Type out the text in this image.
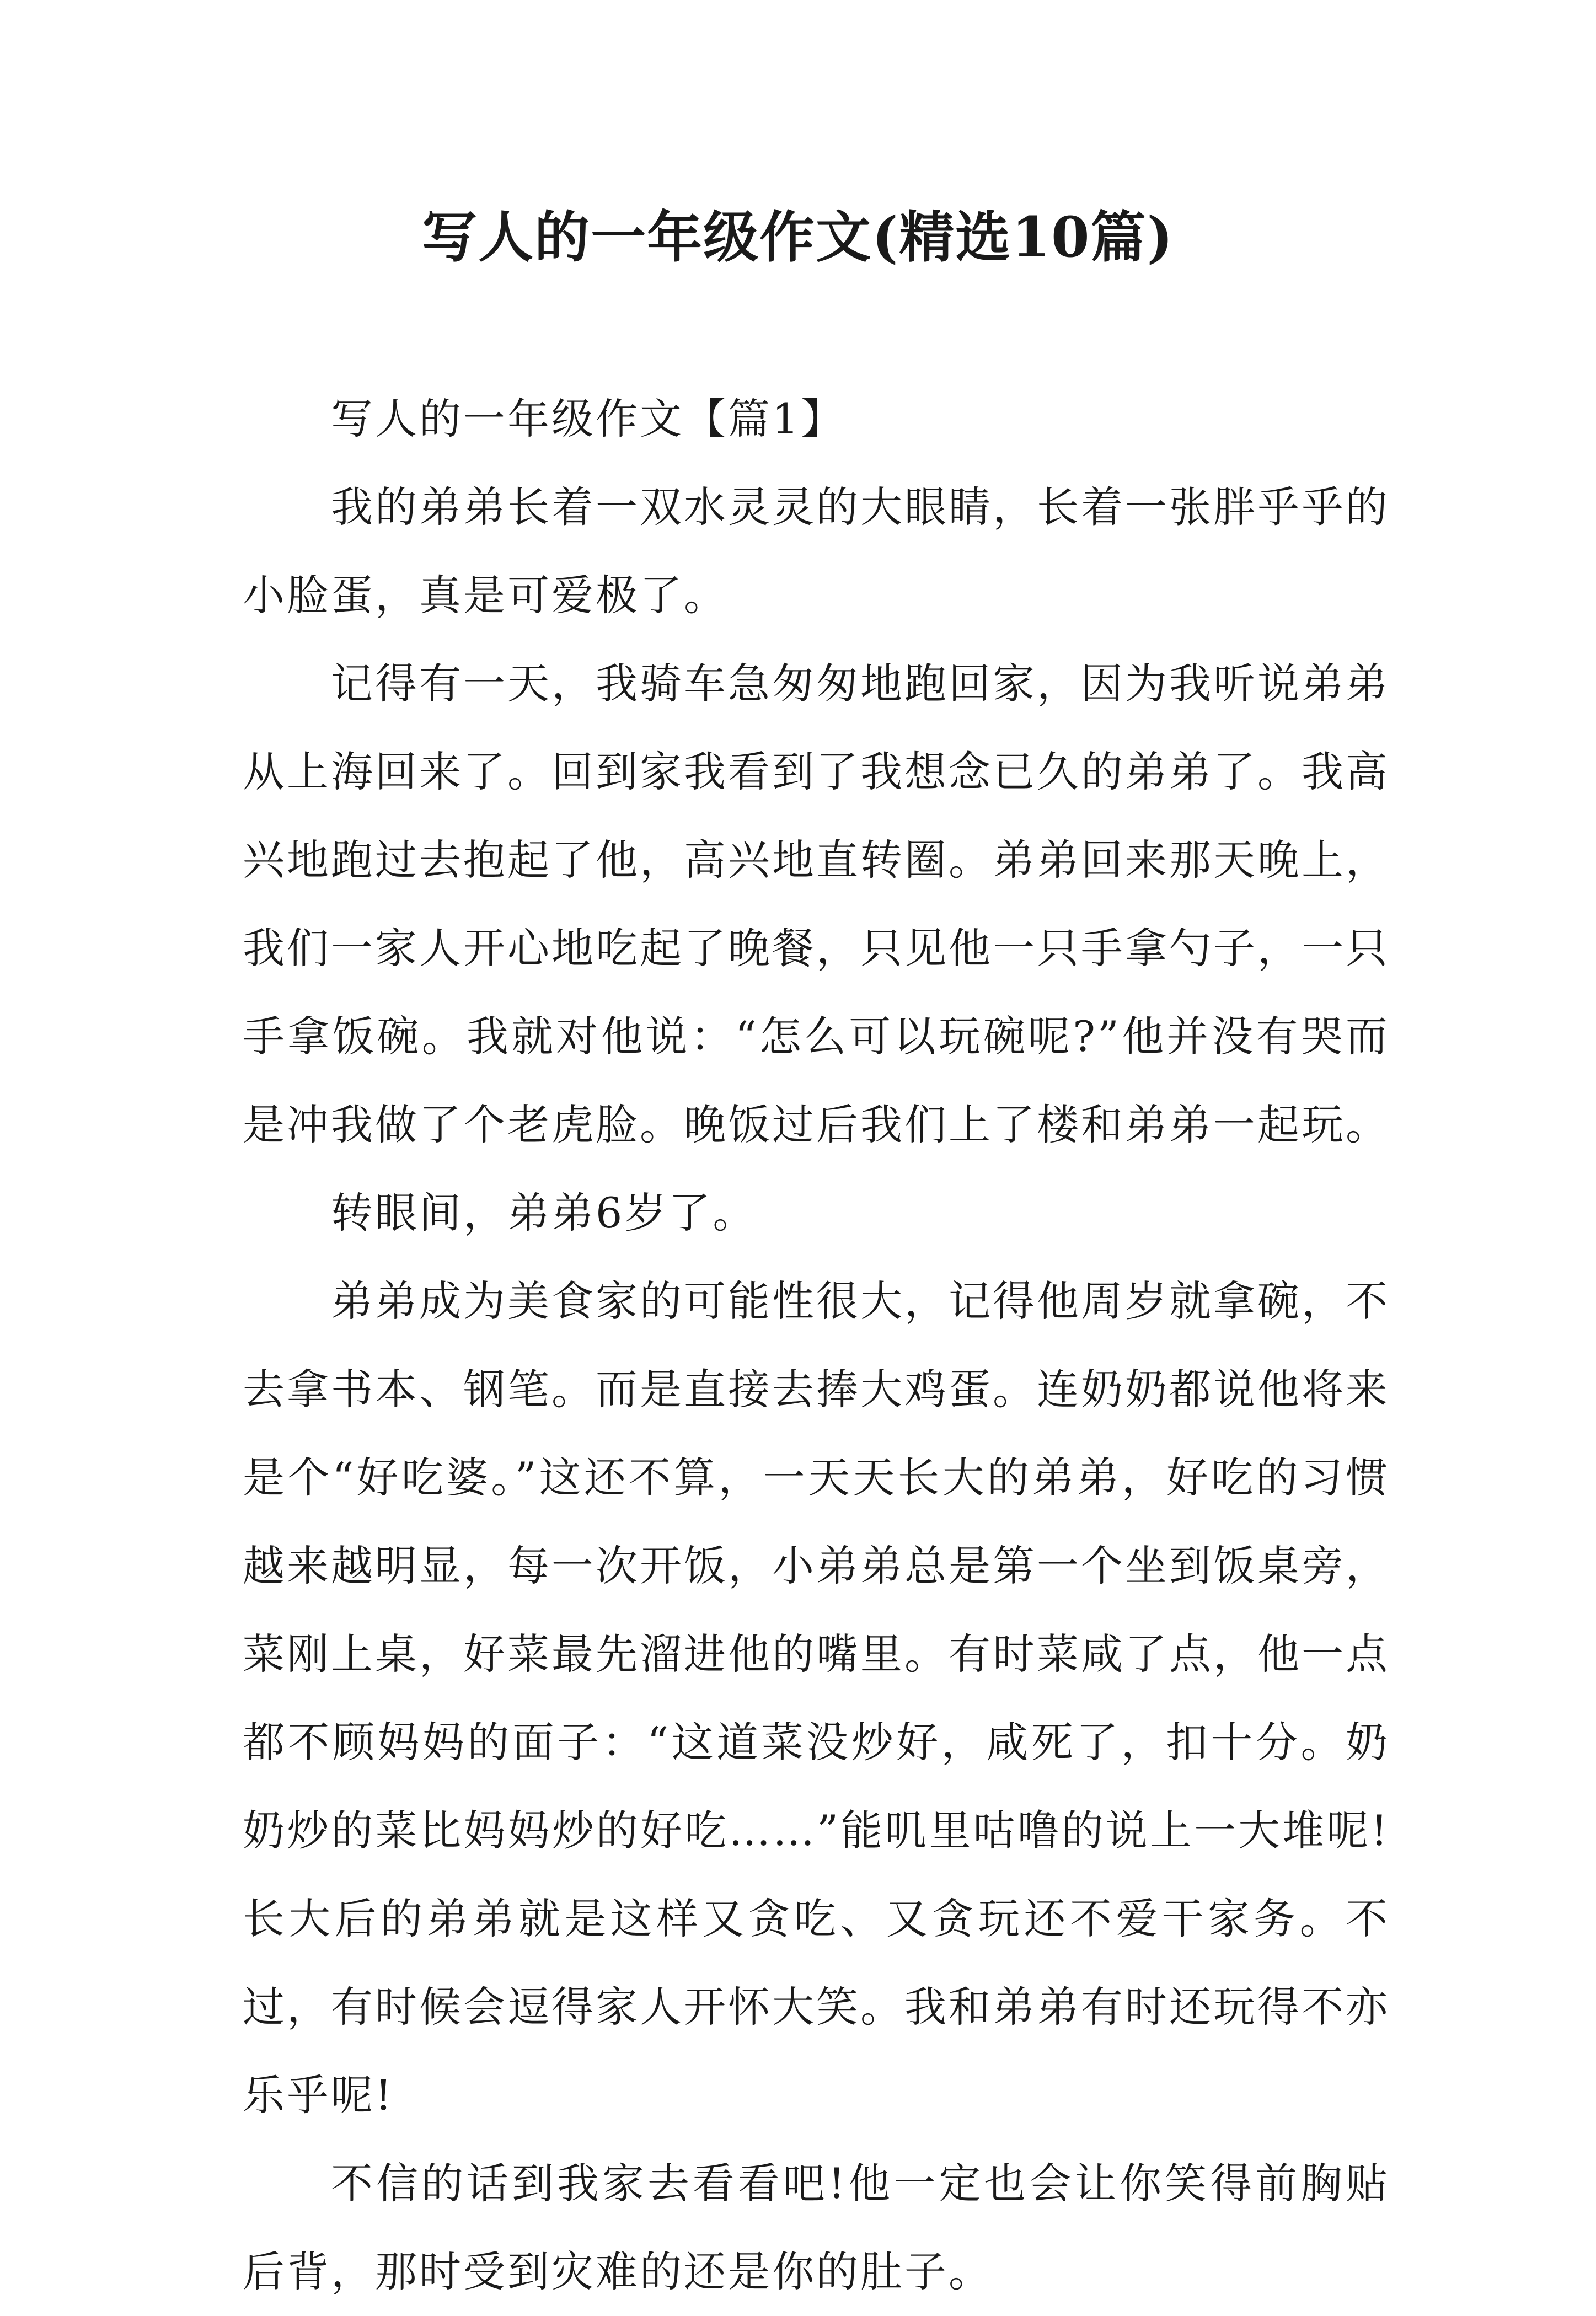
写人的一年级作文(精选10篇)

写人的一年级作文【篇1】

我的弟弟长着一双水灵灵的大眼睛，长着一张胖乎乎的小脸蛋，真是可爱极了。

记得有一天，我骑车急匆匆地跑回家，因为我听说弟弟从上海回来了。回到家我看到了我想念已久的弟弟了。我高兴地跑过去抱起了他，高兴地直转圈。弟弟回来那天晚上，我们一家人开心地吃起了晚餐，只见他一只手拿勺子，一只手拿饭碗。我就对他说：“怎么可以玩碗呢?”他并没有哭而是冲我做了个老虎脸。晚饭过后我们上了楼和弟弟一起玩。

转眼间，弟弟6岁了。

弟弟成为美食家的可能性很大，记得他周岁就拿碗，不去拿书本、钢笔。而是直接去捧大鸡蛋。连奶奶都说他将来是个“好吃婆。”这还不算，一天天长大的弟弟，好吃的习惯越来越明显，每一次开饭，小弟弟总是第一个坐到饭桌旁，菜刚上桌，好菜最先溜进他的嘴里。有时菜咸了点，他一点都不顾妈妈的面子：“这道菜没炒好，咸死了，扣十分。奶奶炒的菜比妈妈炒的好吃……”能叽里咕噜的说上一大堆呢!长大后的弟弟就是这样又贪吃、又贪玩还不爱干家务。不过，有时候会逗得家人开怀大笑。我和弟弟有时还玩得不亦乐乎呢!

不信的话到我家去看看吧!他一定也会让你笑得前胸贴后背，那时受到灾难的还是你的肚子。
